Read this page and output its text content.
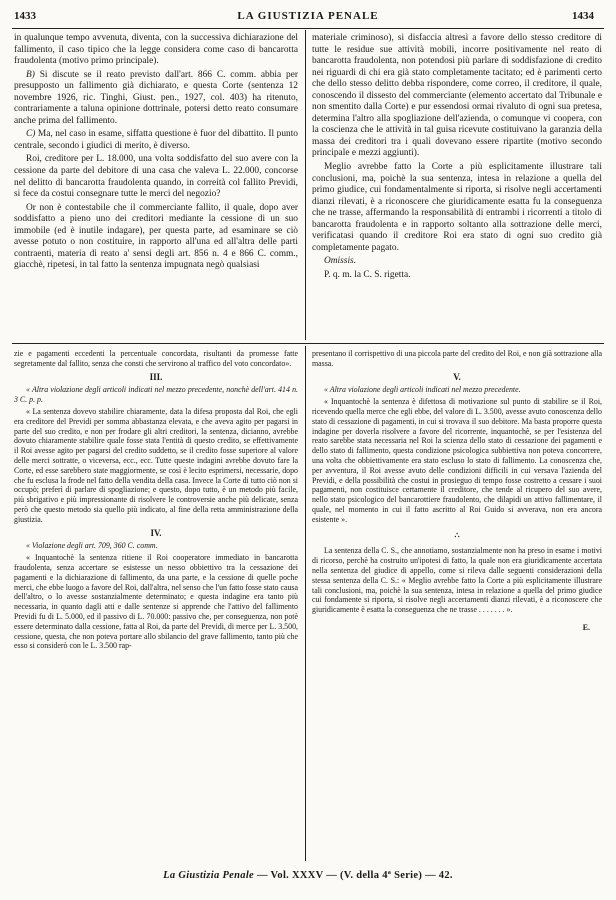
1433	LA GIUSTIZIA PENALE	1434

in qualunque tempo avvenuta, diventa, con la successiva dichiarazione del fallimento, il caso tipico che la legge considera come caso di bancarotta fraudolenta (motivo primo principale).

B) Si discute se il reato previsto dall'art. 866 C. comm. abbia per presupposto un fallimento già dichiarato, e questa Corte (sentenza 12 novembre 1926, ric. Tinghi, Giust. pen., 1927, col. 403) ha ritenuto, contrariamente a taluna opinione dottrinale, potersi detto reato consumare anche prima del fallimento.

C) Ma, nel caso in esame, siffatta questione è fuor del dibattito. Il punto centrale, secondo i giudici di merito, è diverso.

Roi, creditore per L. 18.000, una volta soddisfatto del suo avere con la cessione da parte del debitore di una casa che valeva L. 22.000, concorse nel delitto di bancarotta fraudolenta quando, in correità col fallito Previdi, si fece da costui consegnare tutte le merci del negozio?

Or non è contestabile che il commerciante fallito, il quale, dopo aver soddisfatto a pieno uno dei creditori mediante la cessione di un suo immobile (ed è inutile indagare), per questa parte, ad esaminare se ciò avesse potuto o non costituire, in rapporto all'una ed all'altra delle parti contraenti, materia di reato a' sensi degli art. 856 n. 4 e 866 C. comm., giacchè, ripetesi, in tal fatto la sentenza impugnata negò qualsiasi

materiale criminoso), si disfaccia altresì a favore dello stesso creditore di tutte le residue sue attività mobili, incorre positivamente nel reato di bancarotta fraudolenta, non potendosi più parlare di soddisfazione di credito nei riguardi di chi era già stato completamente tacitato; ed è parimenti certo che dello stesso delitto debba rispondere, come correo, il creditore, il quale, conoscendo il dissesto del commerciante (elemento accertato dal Tribunale e non smentito dalla Corte) e pur essendosi ormai rivaluto di ogni sua pretesa, determina l'altro alla spogliazione dell'azienda, o comunque vi coopera, con la coscienza che le attività in tal guisa ricevute costituivano la garanzia della massa dei creditori tra i quali dovevano essere ripartite (motivo secondo principale e mezzi aggiunti).

Meglio avrebbe fatto la Corte a più esplicitamente illustrare tali conclusioni, ma, poichè la sua sentenza, intesa in relazione a quella del primo giudice, cui fondamentalmente si riporta, si risolve negli accertamenti dianzi rilevati, è a riconoscere che giuridicamente esatta fu la conseguenza che ne trasse, affermando la responsabilità di entrambi i ricorrenti a titolo di bancarotta fraudolenta e in rapporto soltanto alla sottrazione delle merci, verificatasi quando il creditore Roi era stato di ogni suo credito già completamente pagato.

Omissis.

P. q. m. la C. S. rigetta.

zie e pagamenti eccedenti la percentuale concordata, risultanti da promesse fatte segretamente dal fallito, senza che consti che servirono al traffico del voto concordato».

III.

« Altra violazione degli articoli indicati nel mezzo precedente, nonchè dell'art. 414 n. 3 C. p. p.

« La sentenza dovevo stabilire chiaramente, data la difesa proposta dal Roi, che egli era creditore del Previdi per somma abbastanza elevata, e che aveva agito per pagarsi in parte del suo credito, e non per frodare gli altri creditori, la sentenza, dicianno, avrebbe dovuto chiaramente stabilire quale fosse stata l'entità di questo credito, se effettivamente il Roi avesse agito per pagarsi del credito suddetto, se il credito fosse superiore al valore delle merci sottratte, o viceversa, ecc., ecc. Tutte queste indagini avrebbe dovuto fare la Corte, ed esse sarebbero state maggiormente, se così è lecito esprimersi, necessarie, dopo che fu esclusa la frode nel fatto della vendita della casa. Invece la Corte di tutto ciò non si occupò; preferì di parlare di spogliazione; e questo, dopo tutto, è un metodo più facile, più sbrigativo e più impressionante di risolvere le controversie anche più delicate, senza però che questo metodo sia quello più indicato, al fine della retta amministrazione della giustizia.

IV.

« Violazione degli art. 709, 360 C. comm.

« Inquantochè la sentenza ritiene il Roi cooperatore immediato in bancarotta fraudolenta, senza accertare se esistesse un nesso obbiettivo tra la cessazione dei pagamenti e la dichiarazione di fallimento, da una parte, e la cessione di quelle poche merci, che ebbe luogo a favore del Roi, dall'altra, nel senso che l'un fatto fosse stato causa dell'altro, o lo avesse sostanzialmente determinato; e questa indagine era tanto più necessaria, in quanto dagli atti e dalle sentenze si apprende che l'attivo del fallimento Previdi fu di L. 5.000, ed il passivo di L. 70.000: passivo che, per conseguenza, non potè essere determinato dalla cessione, fatta al Roi, da parte del Previdi, di merce per L. 3.500, cessione, questa, che non poteva portare allo sbilancio del grave fallimento, tanto più che esso si considerò con le L. 3.500 rap-

presentano il corrispettivo di una piccola parte del credito del Roi, e non già sottrazione alla massa.

V.

« Altra violazione degli articoli indicati nel mezzo precedente.

« Inquantochè la sentenza è difettosa di motivazione sul punto di stabilire se il Roi, ricevendo quella merce che egli ebbe, del valore di L. 3.500, avesse avuto conoscenza dello stato di cessazione di pagamenti, in cui si trovava il suo debitore. Ma basta proporre questa indagine per doverla risolvere a favore del ricorrente, inquantochè, se per l'esistenza del reato sarebbe stata necessaria nel Roi la scienza dello stato di cessazione dei pagamenti e dello stato di fallimento, questa condizione psicologica subbiettiva non poteva concorrere, una volta che obbiettivamente era stato escluso lo stato di fallimento. La conoscenza che, per avventura, il Roi avesse avuto delle condizioni difficili in cui versava l'azienda del Previdi, e della possibilità che costui in prosieguo di tempo fosse costretto a cessare i suoi pagamenti, non costituisce certamente il creditore, che tende al ricupero del suo avere, nello stato psicologico del bancarottiere fraudolento, che dilapidi un attivo fallimentare, il quale, nel momento in cui il fatto ascritto al Roi Guido si avverava, non era ancora esistente ».

∴

La sentenza della C. S., che annotiamo, sostanzialmente non ha preso in esame i motivi di ricorso, perchè ha costruito un'ipotesi di fatto, la quale non era giuridicamente accertata nella sentenza del giudice di appello, come si rileva dalle seguenti considerazioni della stessa sentenza della C. S.: « Meglio avrebbe fatto la Corte a più esplicitamente illustrare tali conclusioni, ma, poichè la sua sentenza, intesa in relazione a quella del primo giudice cui fondamente si riporta, si risolve negli accertamenti dianzi rilevati, è a riconoscere che giuridicamente è esatta la conseguenza che ne trasse . . . . . . . ».

E.

La Giustizia Penale — Vol. XXXV — (V. della 4ª Serie) — 42.
